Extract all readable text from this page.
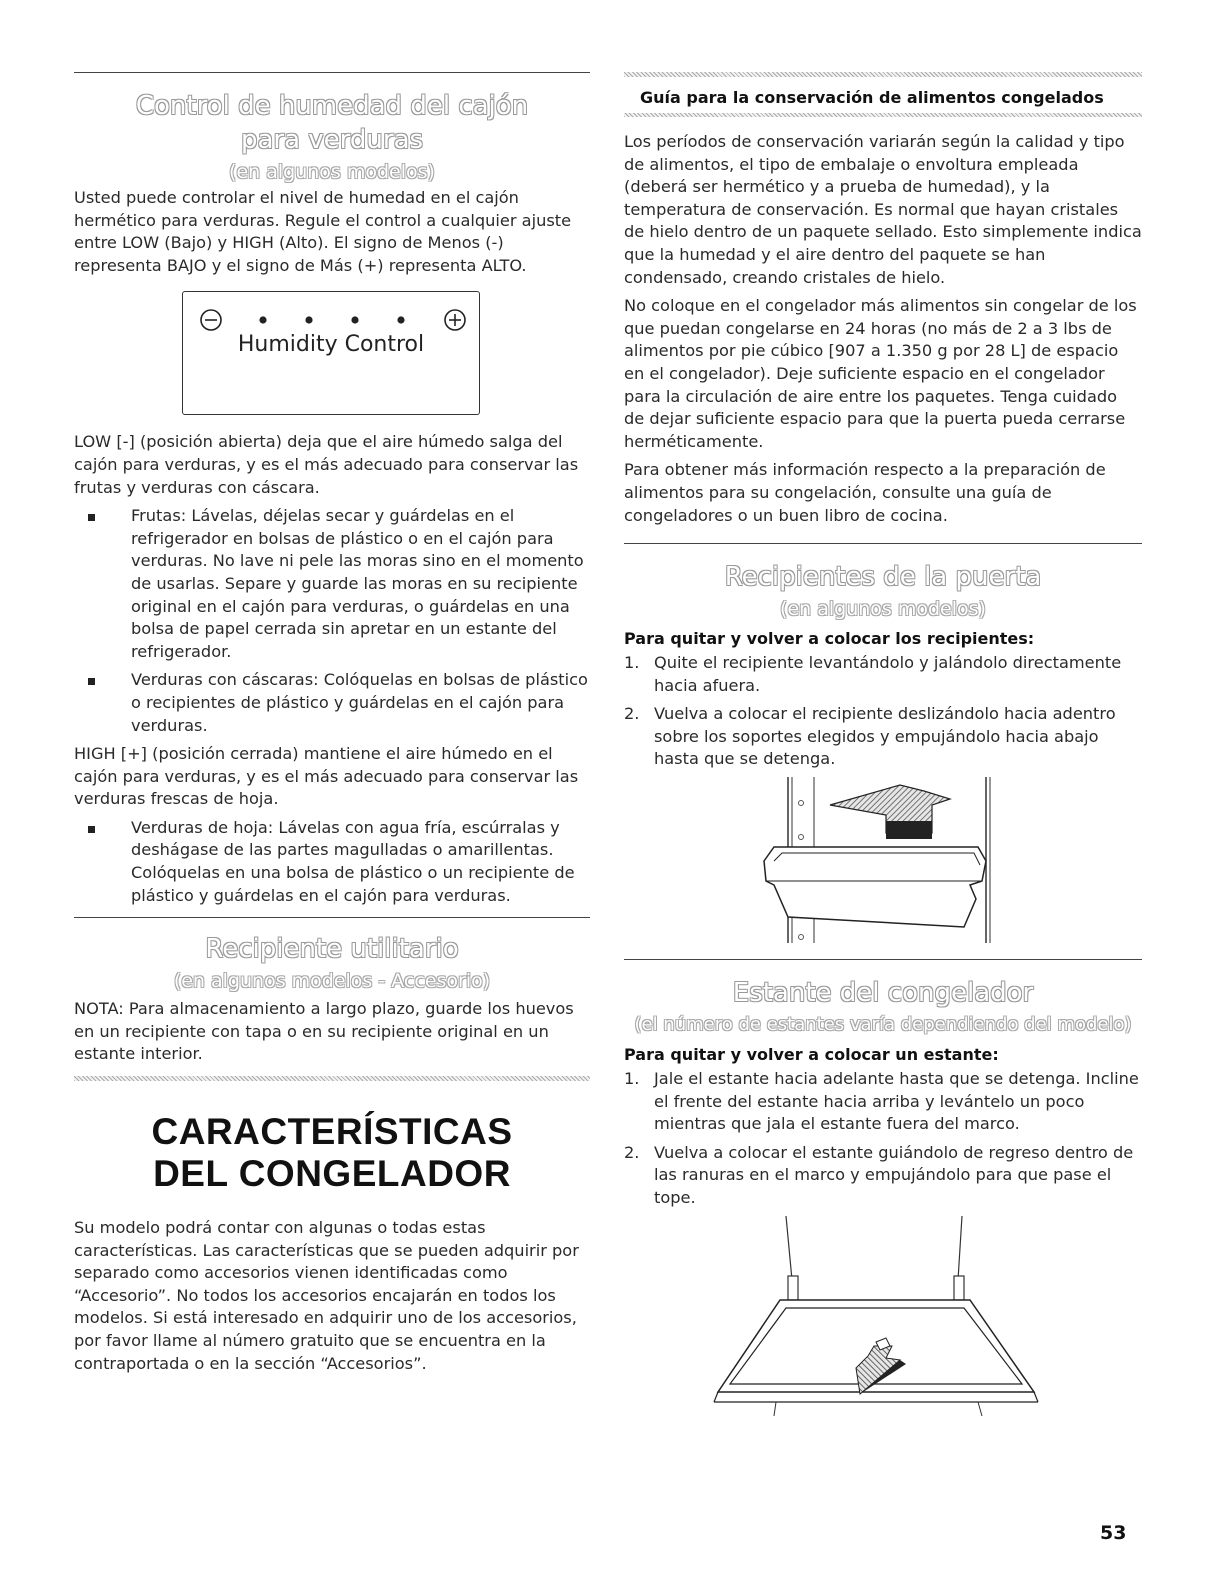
Control de humedad del cajón
para verduras
(en algunos modelos)

Usted puede controlar el nivel de humedad en el cajón hermético para verduras. Regule el control a cualquier ajuste entre LOW (Bajo) y HIGH (Alto). El signo de Menos (-) representa BAJO y el signo de Más (+) representa ALTO.

Humidity Control

LOW [-] (posición abierta) deja que el aire húmedo salga del cajón para verduras, y es el más adecuado para conservar las frutas y verduras con cáscara.

Frutas: Lávelas, déjelas secar y guárdelas en el refrigerador en bolsas de plástico o en el cajón para verduras. No lave ni pele las moras sino en el momento de usarlas. Separe y guarde las moras en su recipiente original en el cajón para verduras, o guárdelas en una bolsa de papel cerrada sin apretar en un estante del refrigerador.
Verduras con cáscaras: Colóquelas en bolsas de plástico o recipientes de plástico y guárdelas en el cajón para verduras.

HIGH [+] (posición cerrada) mantiene el aire húmedo en el cajón para verduras, y es el más adecuado para conservar las verduras frescas de hoja.

Verduras de hoja: Lávelas con agua fría, escúrralas y deshágase de las partes magulladas o amarillentas. Colóquelas en una bolsa de plástico o un recipiente de plástico y guárdelas en el cajón para verduras.
Recipiente utilitario
(en algunos modelos - Accesorio)

NOTA: Para almacenamiento a largo plazo, guarde los huevos en un recipiente con tapa o en su recipiente original en un estante interior.

CARACTERÍSTICAS
DEL CONGELADOR

Su modelo podrá contar con algunas o todas estas características. Las características que se pueden adquirir por separado como accesorios vienen identificadas como “Accesorio”. No todos los accesorios encajarán en todos los modelos. Si está interesado en adquirir uno de los accesorios, por favor llame al número gratuito que se encuentra en la contraportada o en la sección “Accesorios”.

Guía para la conservación de alimentos congelados

Los períodos de conservación variarán según la calidad y tipo de alimentos, el tipo de embalaje o envoltura empleada (deberá ser hermético y a prueba de humedad), y la temperatura de conservación. Es normal que hayan cristales de hielo dentro de un paquete sellado. Esto simplemente indica que la humedad y el aire dentro del paquete se han condensado, creando cristales de hielo.

No coloque en el congelador más alimentos sin congelar de los que puedan congelarse en 24 horas (no más de 2 a 3 lbs de alimentos por pie cúbico [907 a 1.350 g por 28 L] de espacio en el congelador). Deje suficiente espacio en el congelador para la circulación de aire entre los paquetes. Tenga cuidado de dejar suficiente espacio para que la puerta pueda cerrarse herméticamente.

Para obtener más información respecto a la preparación de alimentos para su congelación, consulte una guía de congeladores o un buen libro de cocina.

Recipientes de la puerta
(en algunos modelos)
Para quitar y volver a colocar los recipientes:
1. Quite el recipiente levantándolo y jalándolo directamente hacia afuera.
2. Vuelva a colocar el recipiente deslizándolo hacia adentro sobre los soportes elegidos y empujándolo hacia abajo hasta que se detenga.
Estante del congelador
(el número de estantes varía dependiendo del modelo)
Para quitar y volver a colocar un estante:
1. Jale el estante hacia adelante hasta que se detenga. Incline el frente del estante hacia arriba y levántelo un poco mientras que jala el estante fuera del marco.
2. Vuelva a colocar el estante guiándolo de regreso dentro de las ranuras en el marco y empujándolo para que pase el tope.
53
